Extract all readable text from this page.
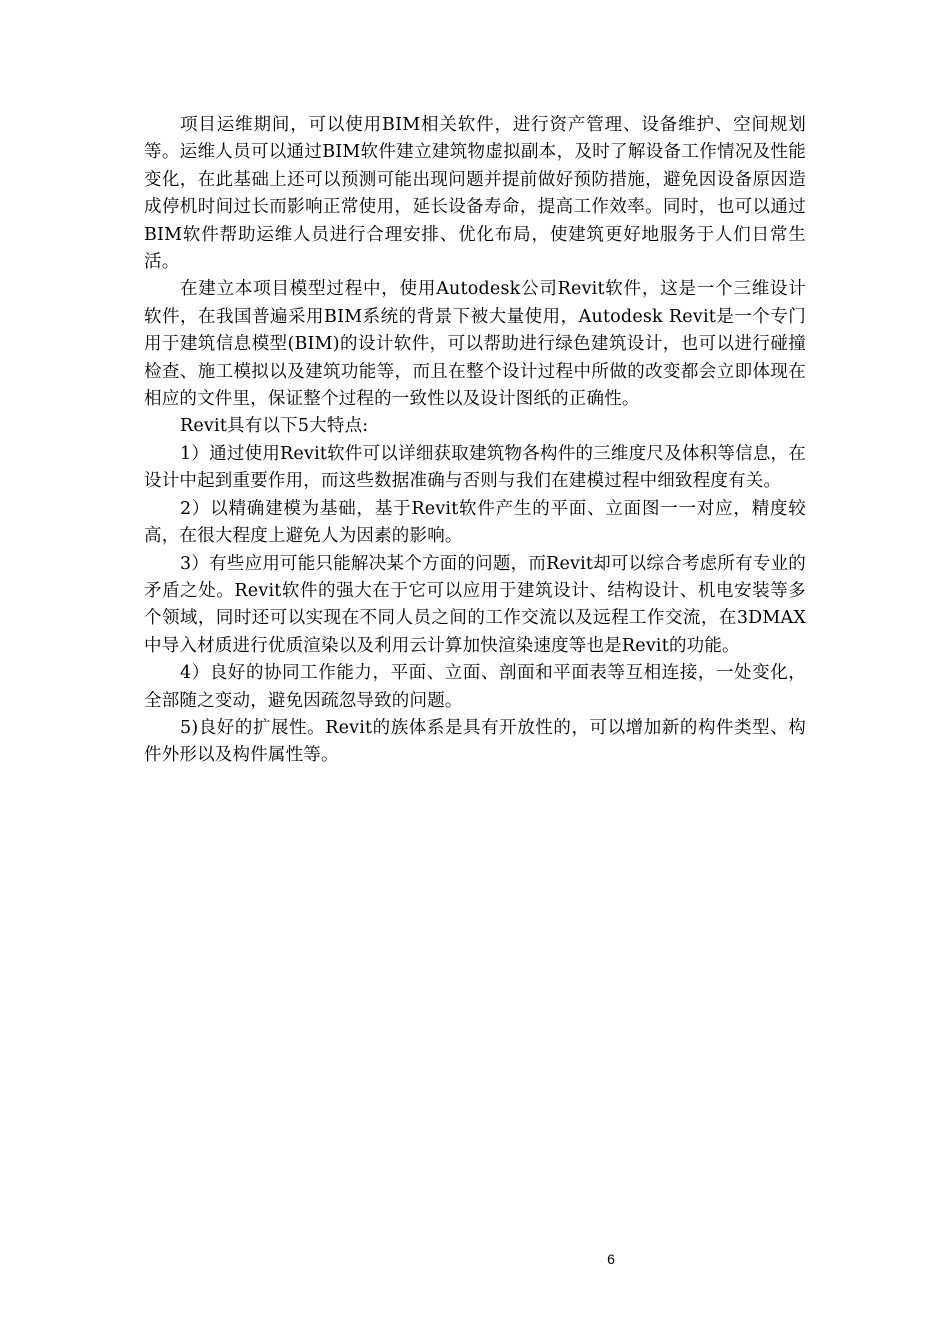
项目运维期间，可以使用BIM相关软件，进行资产管理、设备维护、空间规划等。运维人员可以通过BIM软件建立建筑物虚拟副本，及时了解设备工作情况及性能变化，在此基础上还可以预测可能出现问题并提前做好预防措施，避免因设备原因造成停机时间过长而影响正常使用，延长设备寿命，提高工作效率。同时，也可以通过BIM软件帮助运维人员进行合理安排、优化布局，使建筑更好地服务于人们日常生活。

在建立本项目模型过程中，使用Autodesk公司Revit软件，这是一个三维设计软件，在我国普遍采用BIM系统的背景下被大量使用，Autodesk Revit是一个专门用于建筑信息模型(BIM)的设计软件，可以帮助进行绿色建筑设计，也可以进行碰撞检查、施工模拟以及建筑功能等，而且在整个设计过程中所做的改变都会立即体现在相应的文件里，保证整个过程的一致性以及设计图纸的正确性。

Revit具有以下5大特点:

1）通过使用Revit软件可以详细获取建筑物各构件的三维度尺及体积等信息，在设计中起到重要作用，而这些数据准确与否则与我们在建模过程中细致程度有关。

2）以精确建模为基础，基于Revit软件产生的平面、立面图一一对应，精度较高，在很大程度上避免人为因素的影响。

3）有些应用可能只能解决某个方面的问题，而Revit却可以综合考虑所有专业的矛盾之处。Revit软件的强大在于它可以应用于建筑设计、结构设计、机电安装等多个领域，同时还可以实现在不同人员之间的工作交流以及远程工作交流，在3DMAX中导入材质进行优质渲染以及利用云计算加快渲染速度等也是Revit的功能。

4）良好的协同工作能力，平面、立面、剖面和平面表等互相连接，一处变化，全部随之变动，避免因疏忽导致的问题。

5)良好的扩展性。Revit的族体系是具有开放性的，可以增加新的构件类型、构件外形以及构件属性等。

6
